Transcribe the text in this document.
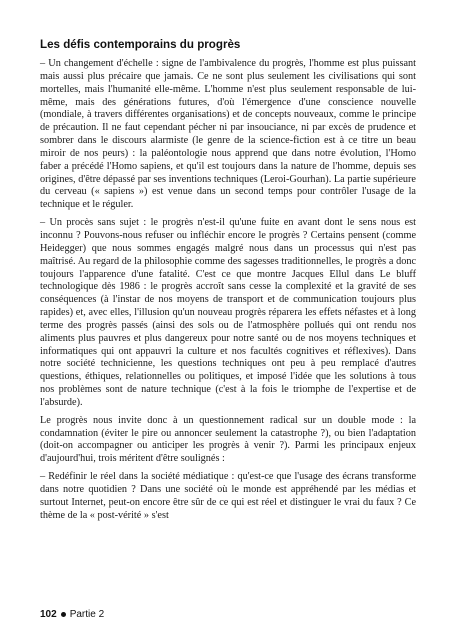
Les défis contemporains du progrès

– Un changement d'échelle : signe de l'ambivalence du progrès, l'homme est plus puissant mais aussi plus précaire que jamais. Ce ne sont plus seulement les civilisations qui sont mortelles, mais l'humanité elle-même. L'homme n'est plus seulement responsable de lui-même, mais des générations futures, d'où l'émergence d'une conscience nouvelle (mondiale, à travers différentes organisations) et de concepts nouveaux, comme le principe de précaution. Il ne faut cependant pécher ni par insouciance, ni par excès de prudence et sombrer dans le discours alarmiste (le genre de la science-fiction est à ce titre un beau miroir de nos peurs) : la paléontologie nous apprend que dans notre évolution, l'Homo faber a précédé l'Homo sapiens, et qu'il est toujours dans la nature de l'homme, depuis ses origines, d'être dépassé par ses inventions techniques (Leroi-Gourhan). La partie supérieure du cerveau (« sapiens ») est venue dans un second temps pour contrôler l'usage de la technique et le réguler.

– Un procès sans sujet : le progrès n'est-il qu'une fuite en avant dont le sens nous est inconnu ? Pouvons-nous refuser ou infléchir encore le progrès ? Certains pensent (comme Heidegger) que nous sommes engagés malgré nous dans un processus qui n'est pas maîtrisé. Au regard de la philosophie comme des sagesses traditionnelles, le progrès a donc toujours l'apparence d'une fatalité. C'est ce que montre Jacques Ellul dans Le bluff technologique dès 1986 : le progrès accroît sans cesse la complexité et la gravité de ses conséquences (à l'instar de nos moyens de transport et de communication toujours plus rapides) et, avec elles, l'illusion qu'un nouveau progrès réparera les effets néfastes et à long terme des progrès passés (ainsi des sols ou de l'atmosphère pollués qui ont rendu nos aliments plus pauvres et plus dangereux pour notre santé ou de nos moyens techniques et informatiques qui ont appauvri la culture et nos facultés cognitives et réflexives). Dans notre société technicienne, les questions techniques ont peu à peu remplacé d'autres questions, éthiques, relationnelles ou politiques, et imposé l'idée que les solutions à tous nos problèmes sont de nature technique (c'est à la fois le triomphe de l'expertise et de l'absurde).

Le progrès nous invite donc à un questionnement radical sur un double mode : la condamnation (éviter le pire ou annoncer seulement la catastrophe ?), ou bien l'adaptation (doit-on accompagner ou anticiper les progrès à venir ?). Parmi les principaux enjeux d'aujourd'hui, trois méritent d'être soulignés :

– Redéfinir le réel dans la société médiatique : qu'est-ce que l'usage des écrans transforme dans notre quotidien ? Dans une société où le monde est appréhendé par les médias et surtout Internet, peut-on encore être sûr de ce qui est réel et distinguer le vrai du faux ? Ce thème de la « post-vérité » s'est

102 Partie 2
